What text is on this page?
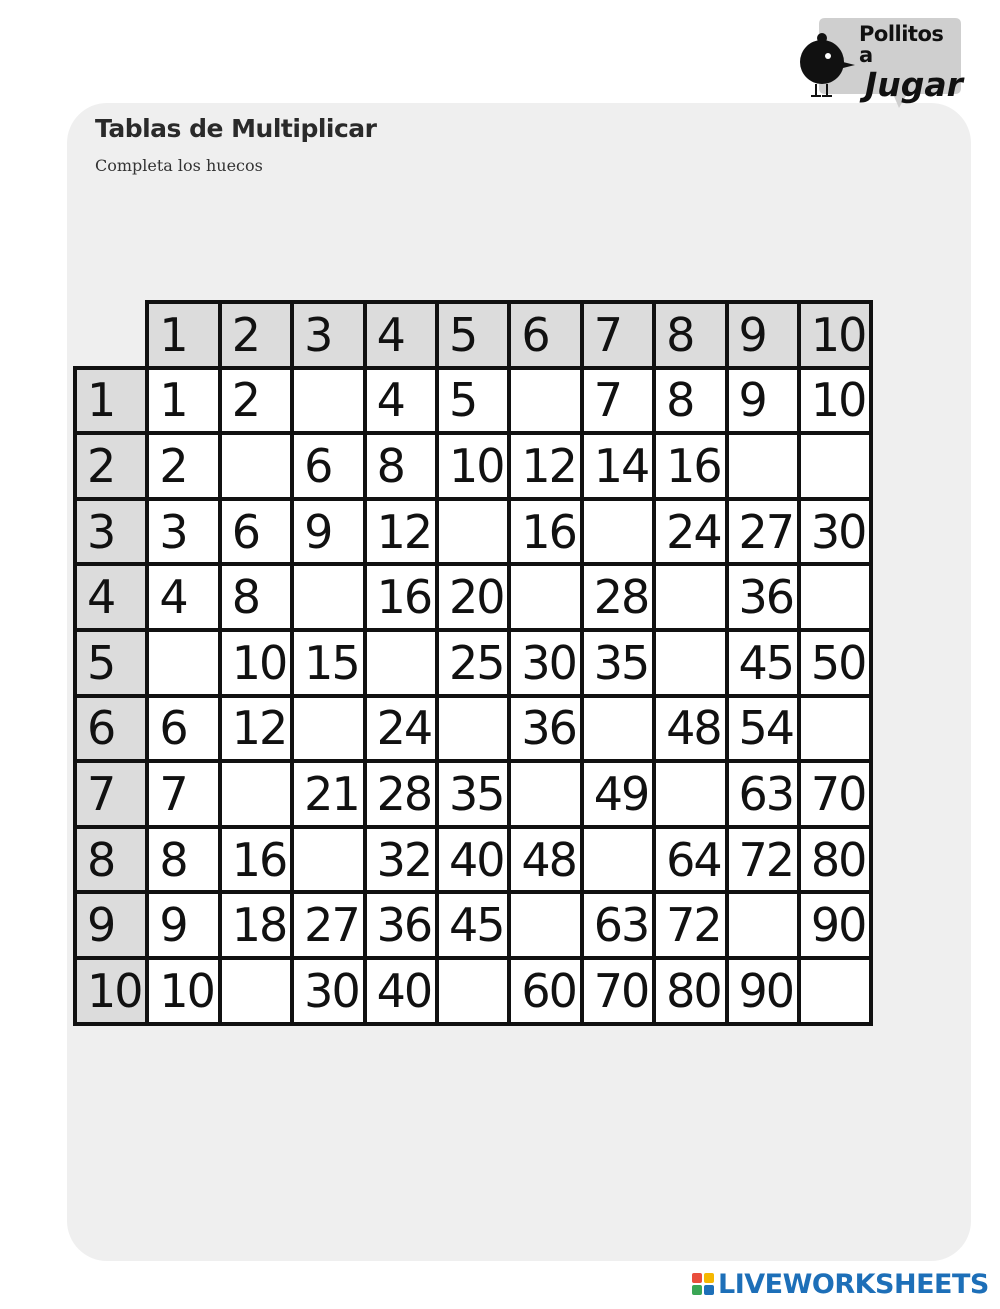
Tablas de Multiplicar
Completa los huecos
Pollitos a
Jugar

	1	2	3	4	5	6	7	8	9	10

1	1	2		4	5		7	8	9	10

2	2		6	8	10	12	14	16

3	3	6	9	12		16		24	27	30

4	4	8		16	20		28		36

5		10	15		25	30	35		45	50

6	6	12		24		36		48	54

7	7		21	28	35		49		63	70

8	8	16		32	40	48		64	72	80

9	9	18	27	36	45		63	72		90

10	10		30	40		60	70	80	90

LIVEWORKSHEETS
